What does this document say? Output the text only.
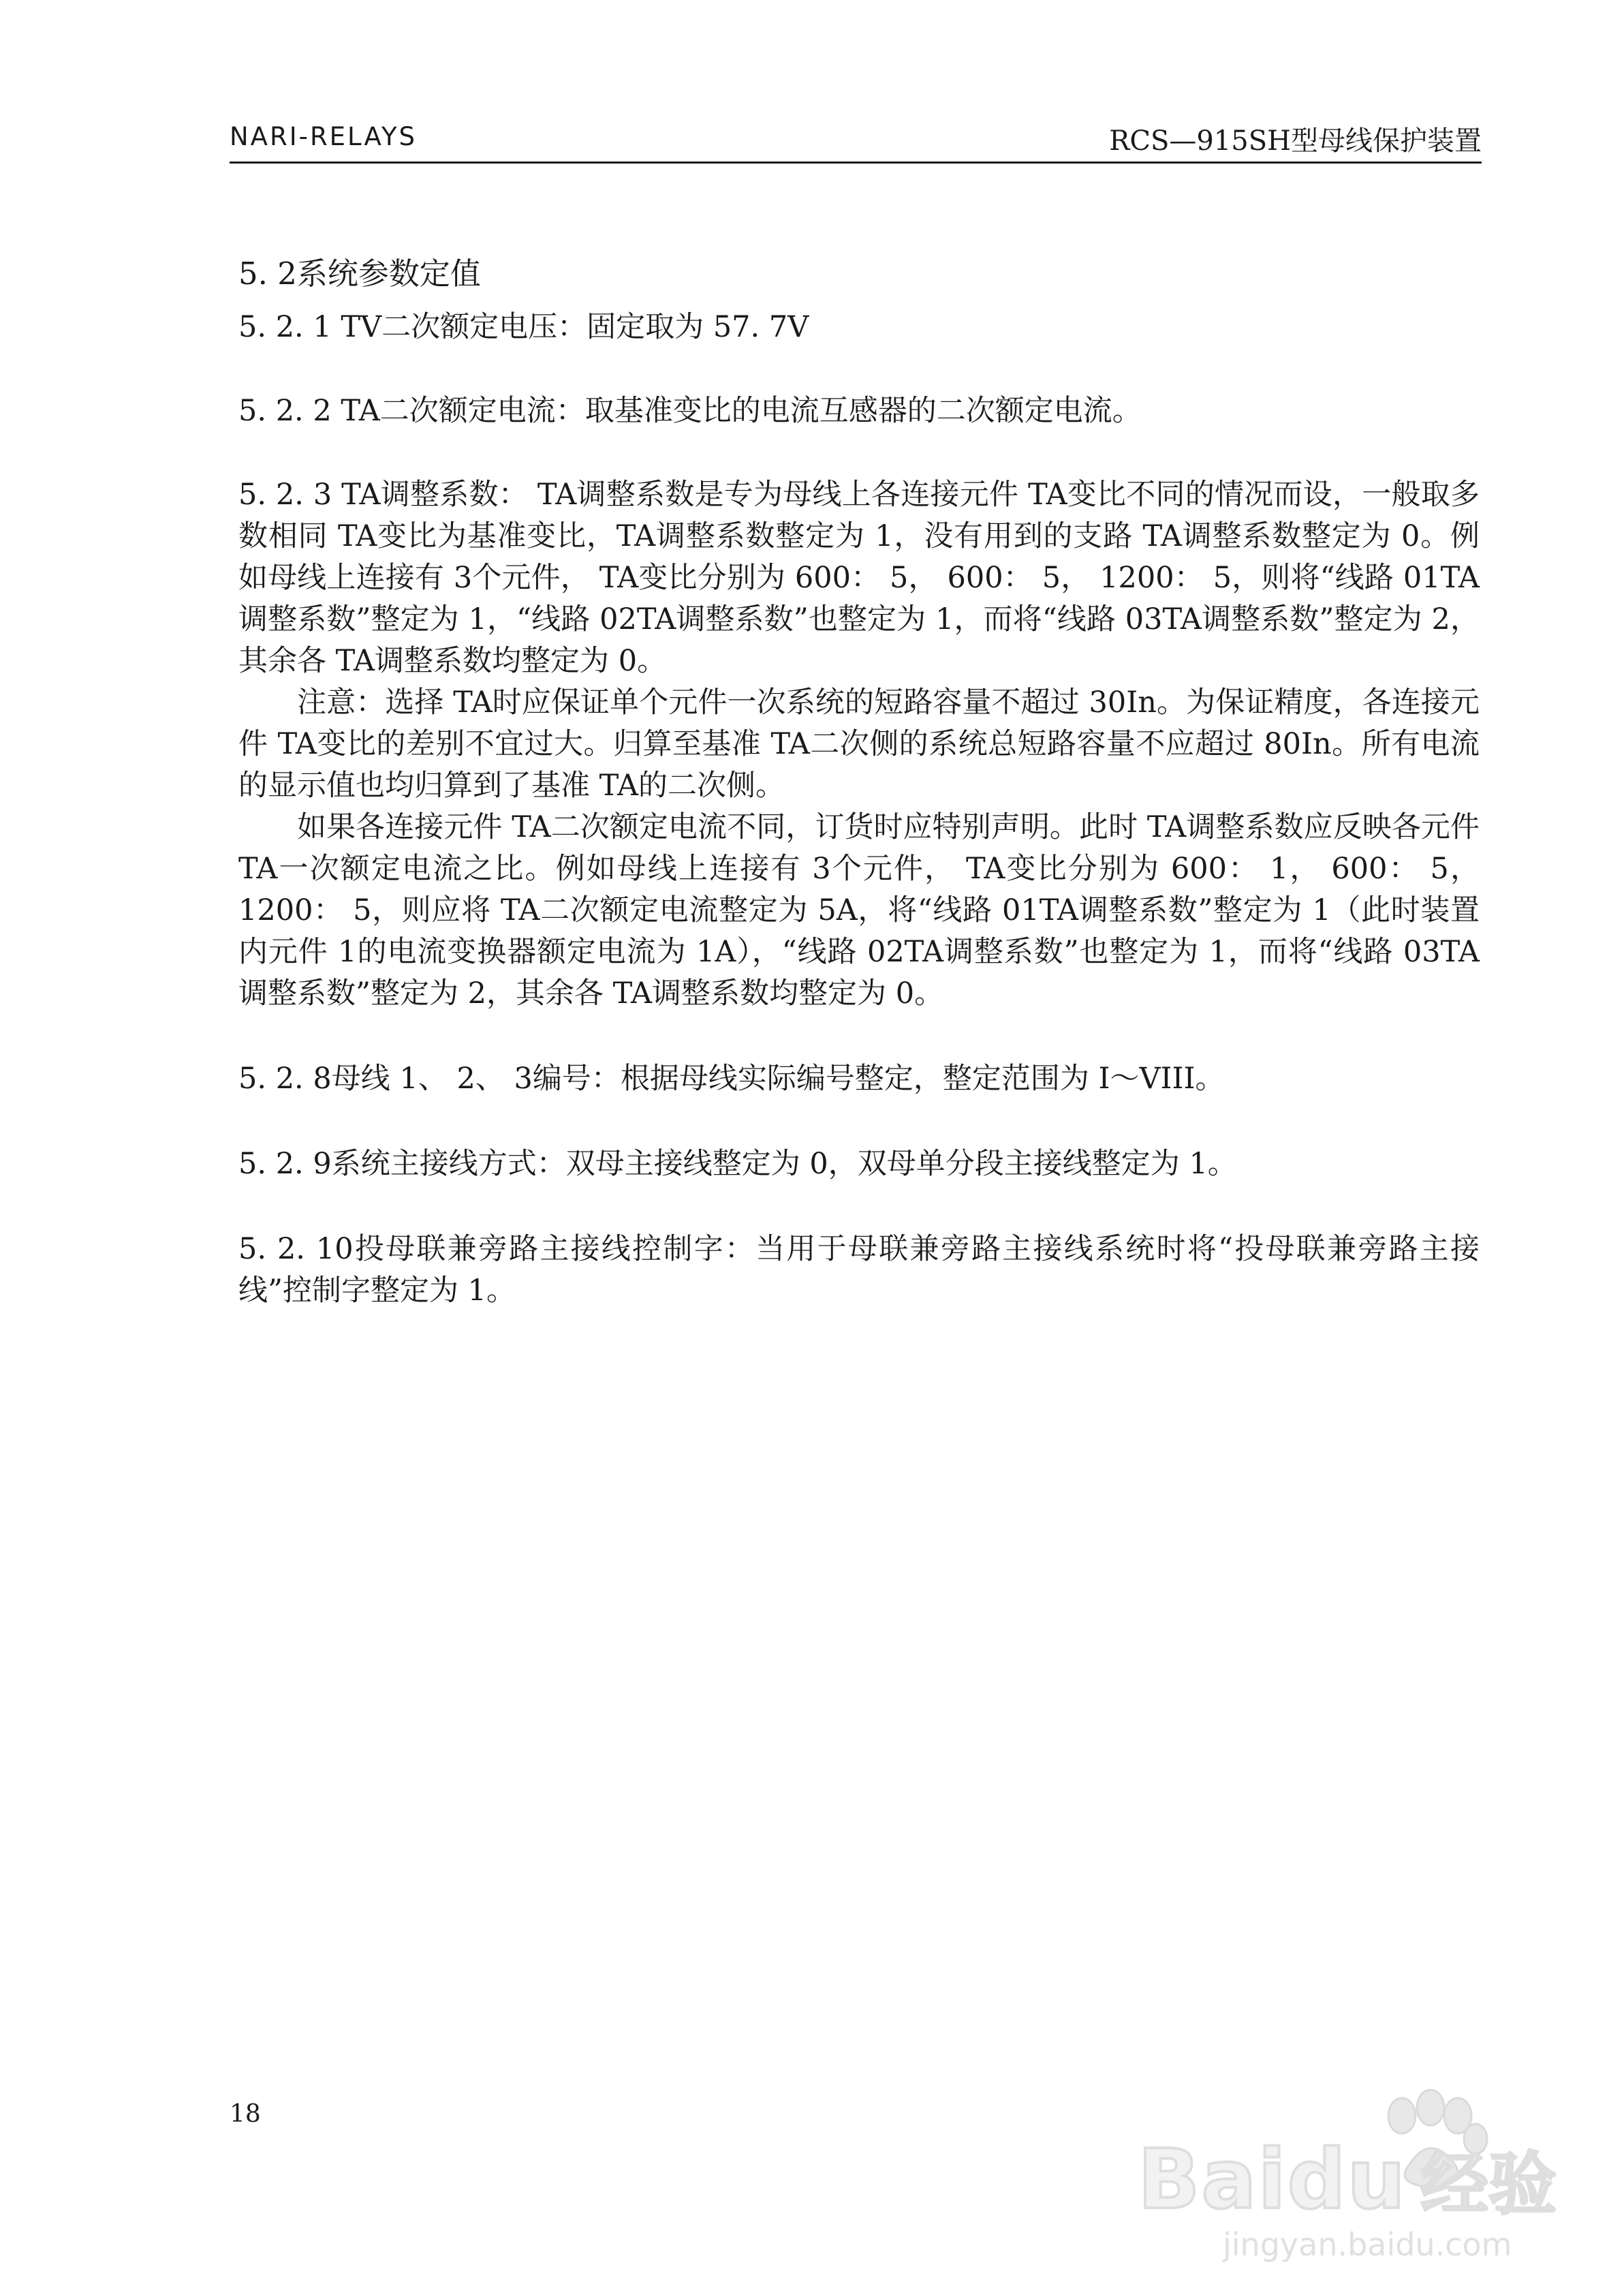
NARI-RELAYS	RCS—915SH型母线保护装置

5. 2系统参数定值

5. 2. 1 TV二次额定电压：固定取为 57. 7V

5. 2. 2 TA二次额定电流：取基准变比的电流互感器的二次额定电流。

5. 2. 3 TA调整系数： TA调整系数是专为母线上各连接元件 TA变比不同的情况而设，一般取多数相同 TA变比为基准变比，TA调整系数整定为 1，没有用到的支路 TA调整系数整定为 0。例如母线上连接有 3个元件， TA变比分别为 600： 5， 600： 5， 1200： 5，则将“线路 01TA调整系数”整定为 1，“线路 02TA调整系数”也整定为 1，而将“线路 03TA调整系数”整定为 2，其余各 TA调整系数均整定为 0。

注意：选择 TA时应保证单个元件一次系统的短路容量不超过 30In。为保证精度，各连接元件 TA变比的差别不宜过大。归算至基准 TA二次侧的系统总短路容量不应超过 80In。所有电流的显示值也均归算到了基准 TA的二次侧。

如果各连接元件 TA二次额定电流不同，订货时应特别声明。此时 TA调整系数应反映各元件 TA一次额定电流之比。例如母线上连接有 3个元件， TA变比分别为 600： 1， 600： 5， 1200： 5，则应将 TA二次额定电流整定为 5A，将“线路 01TA调整系数”整定为 1（此时装置内元件 1的电流变换器额定电流为 1A），“线路 02TA调整系数”也整定为 1，而将“线路 03TA调整系数”整定为 2，其余各 TA调整系数均整定为 0。

5. 2. 8母线 1、 2、 3编号：根据母线实际编号整定，整定范围为 I～VIII。

5. 2. 9系统主接线方式：双母主接线整定为 0，双母单分段主接线整定为 1。

5. 2. 10投母联兼旁路主接线控制字：当用于母联兼旁路主接线系统时将“投母联兼旁路主接线”控制字整定为 1。

18
Baidu 经验
jingyan.baidu.com
